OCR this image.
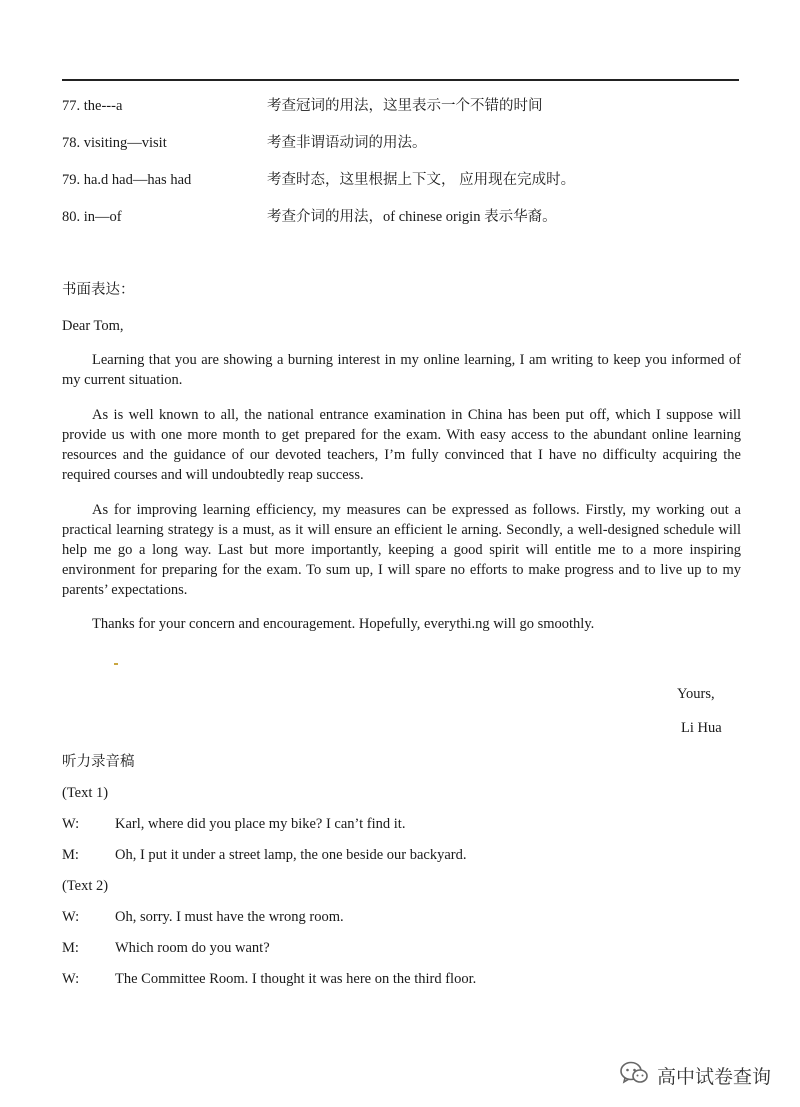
77. the---a	考查冠词的用法，这里表示一个不错的时间
78. visiting—visit	考查非谓语动词的用法。
79. ha.d had—has had	考查时态，这里根据上下文， 应用现在完成时。
80. in—of	考查介词的用法，of chinese origin 表示华裔。
书面表达：
Dear Tom,

Learning that you are showing a burning interest in my online learning, I am writing to keep you informed of my current situation.

As is well known to all, the national entrance examination in China has been put off, which I suppose will provide us with one more month to get prepared for the exam. With easy access to the abundant online learning resources and the guidance of our devoted teachers, I’m fully convinced that I have no difficulty acquiring the required courses and will undoubtedly reap success.

As for improving learning efficiency, my measures can be expressed as follows. Firstly, my working out a practical learning strategy is a must, as it will ensure an efficient le arning. Secondly, a well-designed schedule will help me go a long way. Last but more importantly, keeping a good spirit will entitle me to a more inspiring environment for preparing for the exam. To sum up, I will spare no efforts to make progress and to live up to my parents’ expectations.

Thanks for your concern and encouragement. Hopefully, everythi.ng will go smoothly.

Yours,
Li Hua
听力录音稿
(Text 1)
W: Karl, where did you place my bike? I can’t find it.
M: Oh, I put it under a street lamp, the one beside our backyard.
(Text 2)
W: Oh, sorry. I must have the wrong room.
M: Which room do you want?
W: The Committee Room. I thought it was here on the third floor.
高中试卷查询
